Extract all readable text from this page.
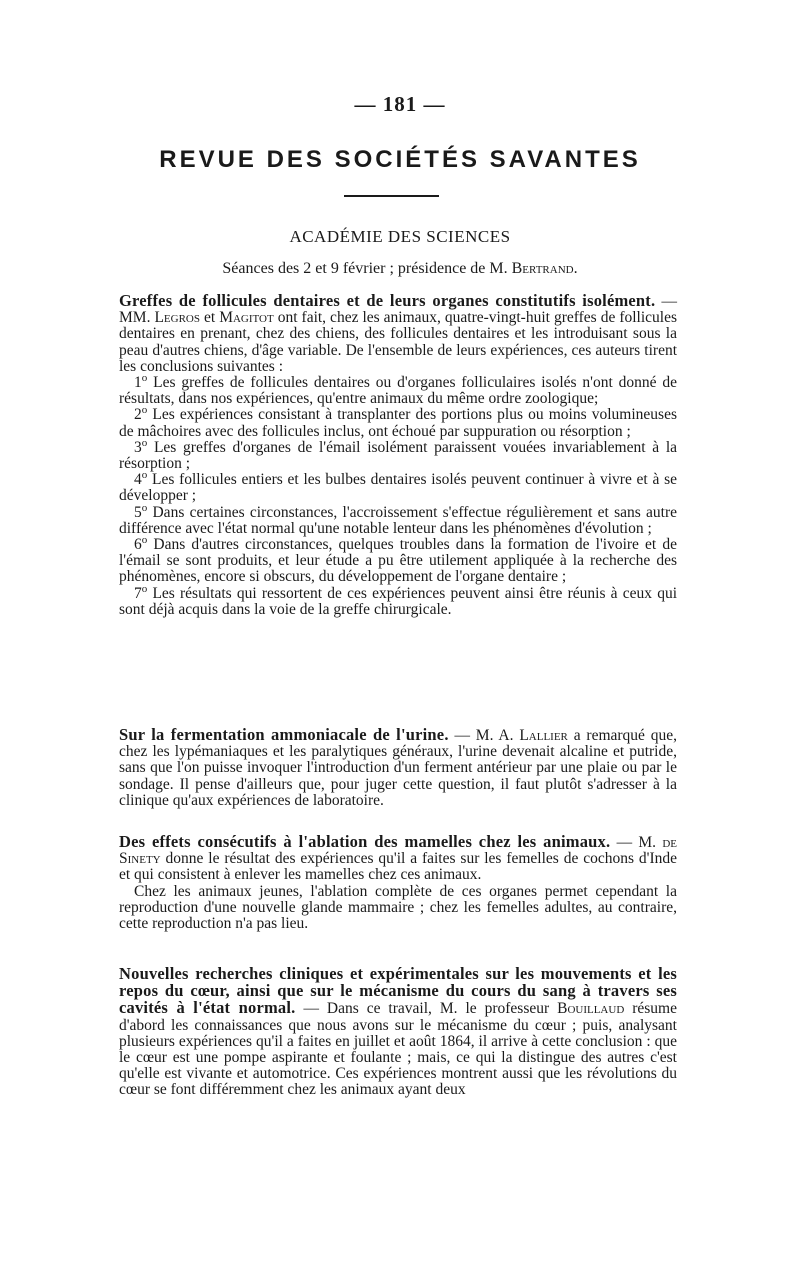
— 181 —
REVUE DES SOCIÉTÉS SAVANTES
ACADÉMIE DES SCIENCES
Séances des 2 et 9 février ; présidence de M. Bertrand.

Greffes de follicules dentaires et de leurs organes constitutifs isolément. — MM. Legros et Magitot ont fait, chez les animaux, quatre-vingt-huit greffes de follicules dentaires en prenant, chez des chiens, des follicules dentaires et les introduisant sous la peau d'autres chiens, d'âge variable. De l'ensemble de leurs expériences, ces auteurs tirent les conclusions suivantes :

1$^o$ Les greffes de follicules dentaires ou d'organes folliculaires isolés n'ont donné de résultats, dans nos expériences, qu'entre animaux du même ordre zoologique;

2$^o$ Les expériences consistant à transplanter des portions plus ou moins volumineuses de mâchoires avec des follicules inclus, ont échoué par suppuration ou résorption ;

3$^o$ Les greffes d'organes de l'émail isolément paraissent vouées invariablement à la résorption ;

4$^o$ Les follicules entiers et les bulbes dentaires isolés peuvent continuer à vivre et à se développer ;

5$^o$ Dans certaines circonstances, l'accroissement s'effectue régulièrement et sans autre différence avec l'état normal qu'une notable lenteur dans les phénomènes d'évolution ;

6$^o$ Dans d'autres circonstances, quelques troubles dans la formation de l'ivoire et de l'émail se sont produits, et leur étude a pu être utilement appliquée à la recherche des phénomènes, encore si obscurs, du développement de l'organe dentaire ;

7$^o$ Les résultats qui ressortent de ces expériences peuvent ainsi être réunis à ceux qui sont déjà acquis dans la voie de la greffe chirurgicale.

Sur la fermentation ammoniacale de l'urine. — M. A. Lallier a remarqué que, chez les lypémaniaques et les paralytiques généraux, l'urine devenait alcaline et putride, sans que l'on puisse invoquer l'introduction d'un ferment antérieur par une plaie ou par le sondage. Il pense d'ailleurs que, pour juger cette question, il faut plutôt s'adresser à la clinique qu'aux expériences de laboratoire.

Des effets consécutifs à l'ablation des mamelles chez les animaux. — M. de Sinety donne le résultat des expériences qu'il a faites sur les femelles de cochons d'Inde et qui consistent à enlever les mamelles chez ces animaux.

Chez les animaux jeunes, l'ablation complète de ces organes permet cependant la reproduction d'une nouvelle glande mammaire ; chez les femelles adultes, au contraire, cette reproduction n'a pas lieu.

Nouvelles recherches cliniques et expérimentales sur les mouvements et les repos du cœur, ainsi que sur le mécanisme du cours du sang à travers ses cavités à l'état normal. — Dans ce travail, M. le professeur Bouillaud résume d'abord les connaissances que nous avons sur le mécanisme du cœur ; puis, analysant plusieurs expériences qu'il a faites en juillet et août 1864, il arrive à cette conclusion : que le cœur est une pompe aspirante et foulante ; mais, ce qui la distingue des autres c'est qu'elle est vivante et automotrice. Ces expériences montrent aussi que les révolutions du cœur se font différemment chez les animaux ayant deux
